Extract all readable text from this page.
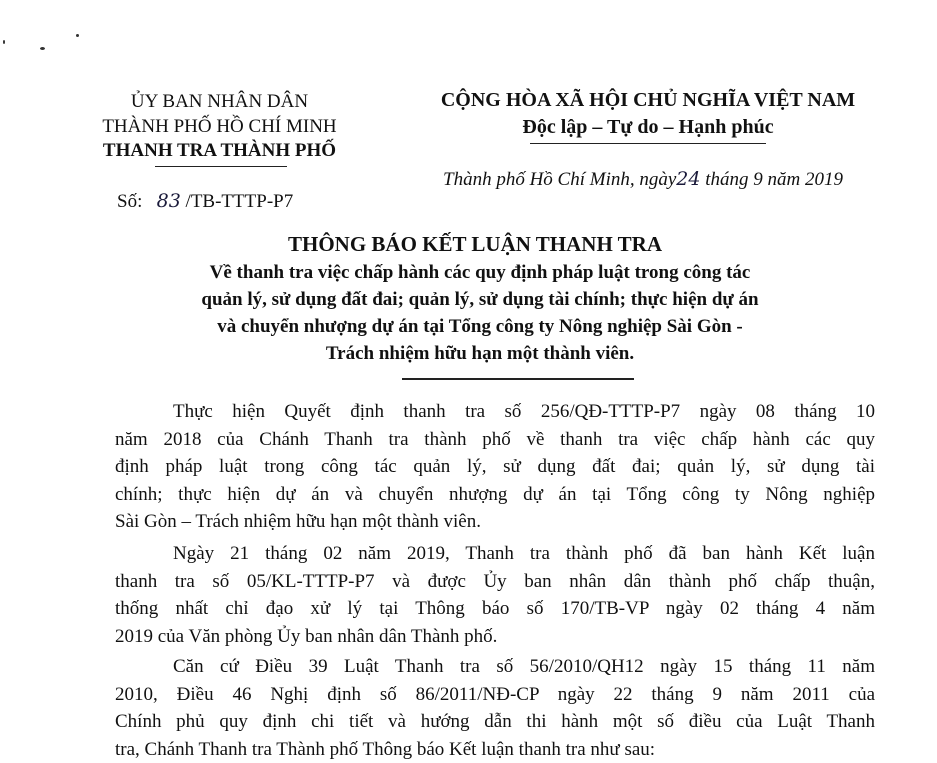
ỦY BAN NHÂN DÂN
THÀNH PHỐ HỒ CHÍ MINH
THANH TRA THÀNH PHỐ
CỘNG HÒA XÃ HỘI CHỦ NGHĨA VIỆT NAM
Độc lập – Tự do – Hạnh phúc
Thành phố Hồ Chí Minh, ngày24 tháng 9 năm 2019
Số: 83 /TB-TTTP-P7
THÔNG BÁO KẾT LUẬN THANH TRA
Về thanh tra việc chấp hành các quy định pháp luật trong công tác
quản lý, sử dụng đất đai; quản lý, sử dụng tài chính; thực hiện dự án
và chuyển nhượng dự án tại Tổng công ty Nông nghiệp Sài Gòn -
Trách nhiệm hữu hạn một thành viên.
Thực hiện Quyết định thanh tra số 256/QĐ-TTTP-P7 ngày 08 tháng 10
năm 2018 của Chánh Thanh tra thành phố về thanh tra việc chấp hành các quy
định pháp luật trong công tác quản lý, sử dụng đất đai; quản lý, sử dụng tài
chính; thực hiện dự án và chuyển nhượng dự án tại Tổng công ty Nông nghiệp
Sài Gòn – Trách nhiệm hữu hạn một thành viên.
Ngày 21 tháng 02 năm 2019, Thanh tra thành phố đã ban hành Kết luận
thanh tra số 05/KL-TTTP-P7 và được Ủy ban nhân dân thành phố chấp thuận,
thống nhất chỉ đạo xử lý tại Thông báo số 170/TB-VP ngày 02 tháng 4 năm
2019 của Văn phòng Ủy ban nhân dân Thành phố.
Căn cứ Điều 39 Luật Thanh tra số 56/2010/QH12 ngày 15 tháng 11 năm
2010, Điều 46 Nghị định số 86/2011/NĐ-CP ngày 22 tháng 9 năm 2011 của
Chính phủ quy định chi tiết và hướng dẫn thi hành một số điều của Luật Thanh
tra, Chánh Thanh tra Thành phố Thông báo Kết luận thanh tra như sau:
